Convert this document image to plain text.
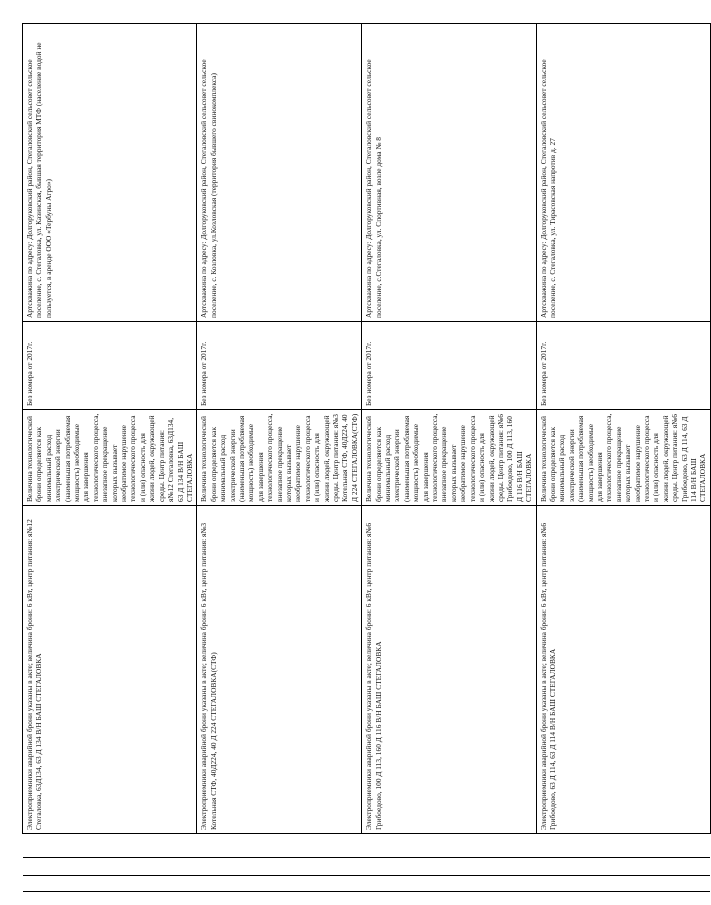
			Электроприемники аварийной брони указаны в акте; величина брони: 6 кВт, центр питания: я№12 Стегаловка, 63Д134, 63 Д 134 В/Н БАШ СТЕГАЛОВКА	Величина технологической брони определяется как минимальный расход электрической энергии (наименьшая потребляемая мощность) необходимые для завершения технологического процесса, внезапное прекращение которых вызывает необратимое нарушение технологического процесса и (или) опасность для жизни людей, окружающей среды. Центр питания: я№12 Стегаловка, 63Д134, 63 Д 134 В/Н БАШ СТЕГАЛОВКА	Без номера от 2017г.	Артскважина по адресу: Долгоруковский район, Стегаловский сельсовет сельское поселение, с. Стегаловка, ул. Казинская, бывшая территория МТФ (население водой не пользуется, в аренде ООО «Тербуны Агро»)
			Электроприемники аварийной брони указаны в акте; величина брони: 6 кВт, центр питания: я№3 Котельная СТФ, 40Д224, 40 Д 224 СТЕГАЛОВКА(СТФ)	Величина технологической брони определяется как минимальный расход электрической энергии (наименьшая потребляемая мощность) необходимые для завершения технологического процесса, внезапное прекращение которых вызывает необратимое нарушение технологического процесса и (или) опасность для жизни людей, окружающей среды. Центр питания: я№3 Котельная СТФ, 40Д224, 40 Д 224 СТЕГАЛОВКА(СТФ)	Без номера от 2017г.	Артскважина по адресу: Долгоруковский район, Стегаловский сельсовет сельское поселение, с. Козловка, ул.Козловская (территория бывшего свинокомплекса)
			Электроприемники аварийной брони указаны в акте; величина брони: 6 кВт, центр питания: я№6 Грибоедово, 100 Д 113, 160 Д 116 В/Н БАШ СТЕГАЛОВКА	Величина технологической брони определяется как минимальный расход электрической энергии (наименьшая потребляемая мощность) необходимые для завершения технологического процесса, внезапное прекращение которых вызывает необратимое нарушение технологического процесса и (или) опасность для жизни людей, окружающей среды. Центр питания: я№6 Грибоедово, 100 Д 113, 160 Д 116 В/Н БАШ СТЕГАЛОВКА	Без номера от 2017г.	Артскважина по адресу: Долгоруковский район, Стегаловский сельсовет сельское поселение, с.Стегаловка, ул. Спортивная, возле дома № 8
			Электроприемники аварийной брони указаны в акте; величина брони: 6 кВт, центр питания: я№6 Грибоедово, 63 Д 114, 63 Д 114 В/Н БАШ СТЕГАЛОВКА	Величина технологической брони определяется как минимальный расход электрической энергии (наименьшая потребляемая мощность) необходимые для завершения технологического процесса, внезапное прекращение которых вызывает необратимое нарушение технологического процесса и (или) опасность для жизни людей, окружающей среды. Центр питания: я№6 Грибоедово, 63 Д 114, 63 Д 114 В/Н БАШ СТЕГАЛОВКА	Без номера от 2017г.	Артскважина по адресу: Долгоруковский район, Стегаловский сельсовет сельское поселение, с. Стегаловка, ул. Тирасовская напротив д. 27
